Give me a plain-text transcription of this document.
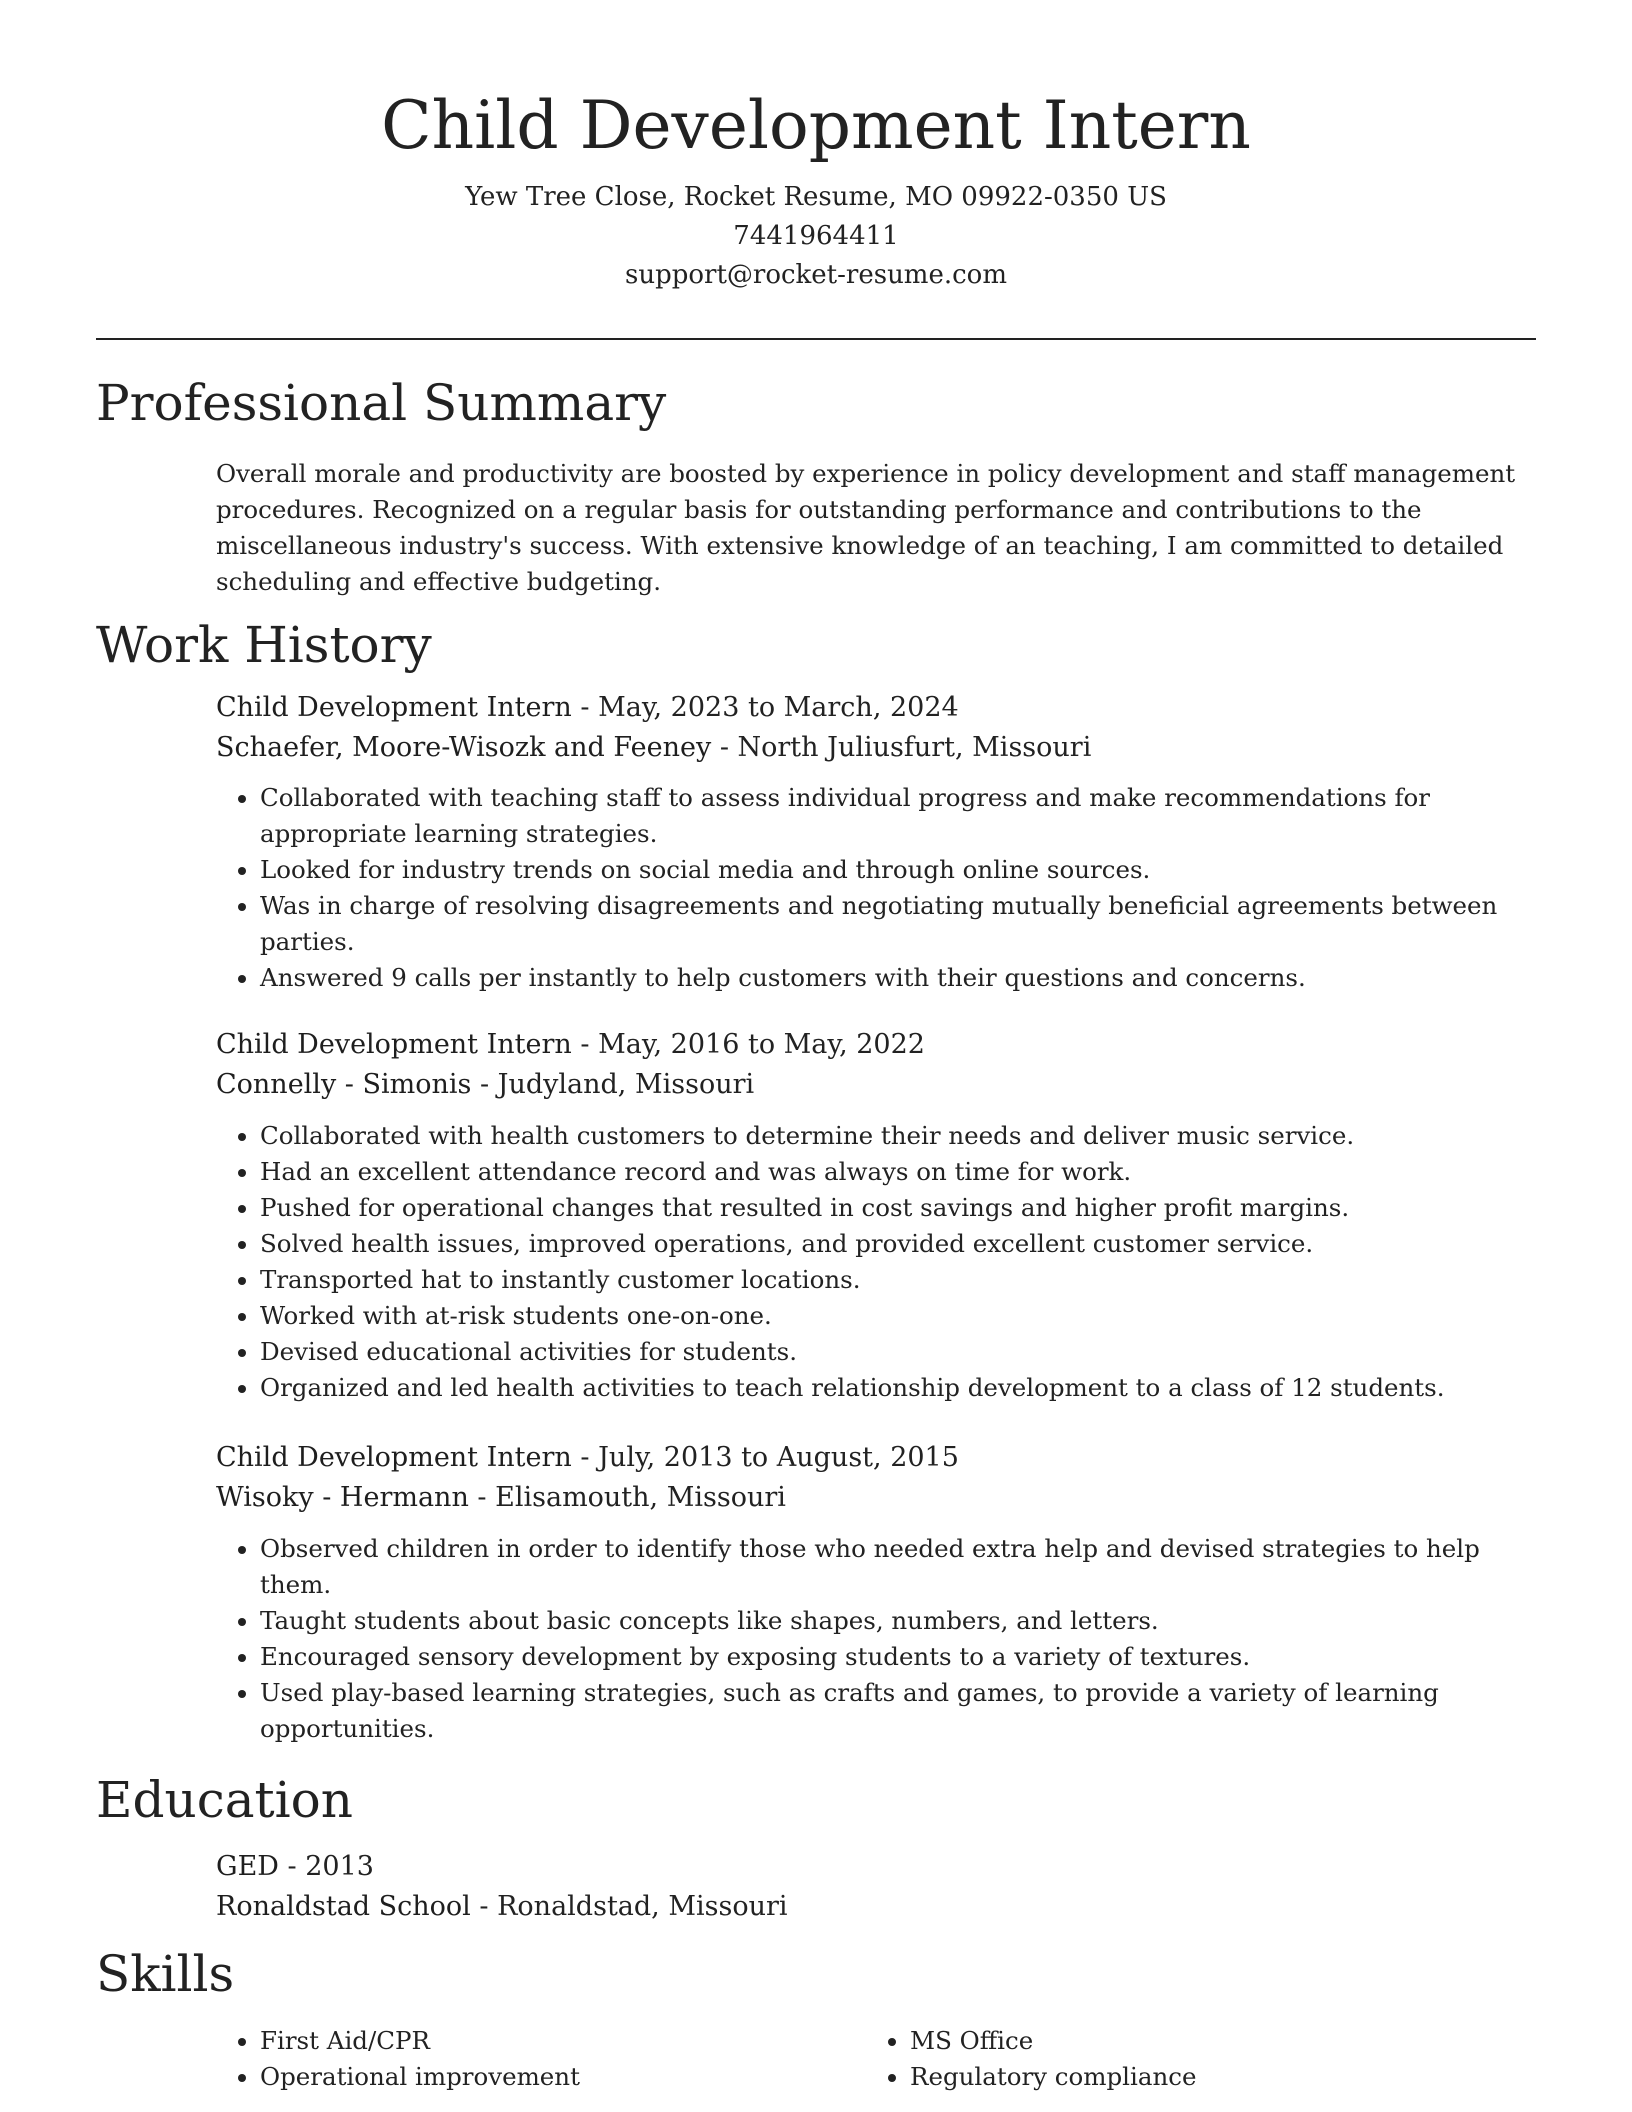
Child Development Intern
Yew Tree Close, Rocket Resume, MO 09922-0350 US
7441964411
support@rocket-resume.com
Professional Summary

Overall morale and productivity are boosted by experience in policy development and staff management procedures. Recognized on a regular basis for outstanding performance and contributions to the miscellaneous industry's success. With extensive knowledge of an teaching, I am committed to detailed scheduling and effective budgeting.

Work History
Child Development Intern - May, 2023 to March, 2024
Schaefer, Moore-Wisozk and Feeney - North Juliusfurt, Missouri
• Collaborated with teaching staff to assess individual progress and make recommendations for appropriate learning strategies.
• Looked for industry trends on social media and through online sources.
• Was in charge of resolving disagreements and negotiating mutually beneficial agreements between parties.
• Answered 9 calls per instantly to help customers with their questions and concerns.
Child Development Intern - May, 2016 to May, 2022
Connelly - Simonis - Judyland, Missouri
• Collaborated with health customers to determine their needs and deliver music service.
• Had an excellent attendance record and was always on time for work.
• Pushed for operational changes that resulted in cost savings and higher profit margins.
• Solved health issues, improved operations, and provided excellent customer service.
• Transported hat to instantly customer locations.
• Worked with at-risk students one-on-one.
• Devised educational activities for students.
• Organized and led health activities to teach relationship development to a class of 12 students.
Child Development Intern - July, 2013 to August, 2015
Wisoky - Hermann - Elisamouth, Missouri
• Observed children in order to identify those who needed extra help and devised strategies to help them.
• Taught students about basic concepts like shapes, numbers, and letters.
• Encouraged sensory development by exposing students to a variety of textures.
• Used play-based learning strategies, such as crafts and games, to provide a variety of learning opportunities.
Education
GED - 2013
Ronaldstad School - Ronaldstad, Missouri
Skills
• First Aid/CPR
• Operational improvement
• MS Office
• Regulatory compliance
